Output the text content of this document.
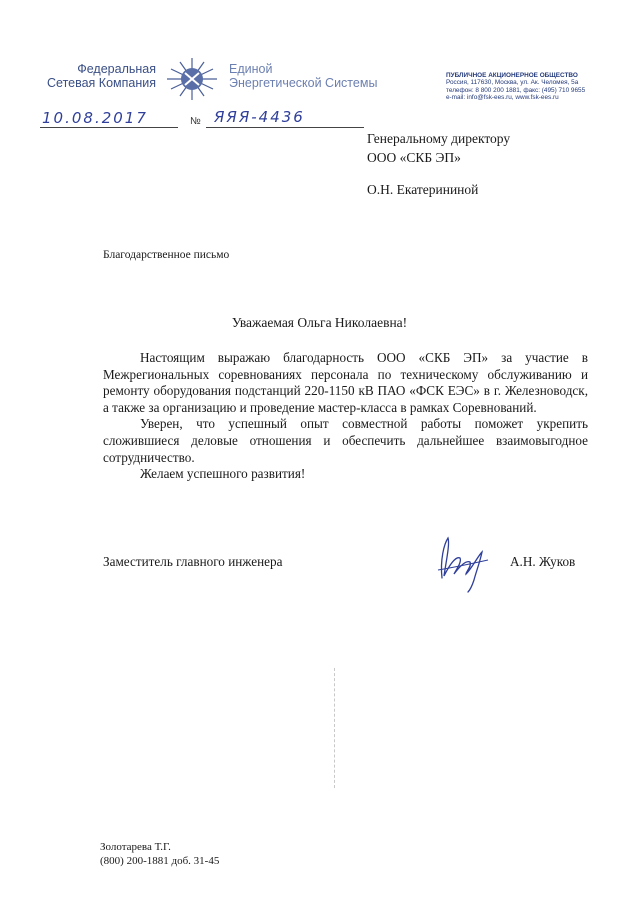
Федеральная
Сетевая Компания
Единой
Энергетической Системы
ПУБЛИЧНОЕ АКЦИОНЕРНОЕ ОБЩЕСТВО
Россия, 117630, Москва, ул. Ак. Челомея, 5а
телефон: 8 800 200 1881, факс: (495) 710 9655
e-mail: info@fsk-ees.ru, www.fsk-ees.ru
10.08.2017	№ ЯЯЯ-4436
Генеральному директору
ООО «СКБ ЭП»
О.Н. Екатерининой
Благодарственное письмо
Уважаемая Ольга Николаевна!

Настоящим выражаю благодарность ООО «СКБ ЭП» за участие в Межрегиональных соревнованиях персонала по техническому обслуживанию и ремонту оборудования подстанций 220-1150 кВ ПАО «ФСК ЕЭС» в г. Железноводск, а также за организацию и проведение мастер-класса в рамках Соревнований.

Уверен, что успешный опыт совместной работы поможет укрепить сложившиеся деловые отношения и обеспечить дальнейшее взаимовыгодное сотрудничество.

Желаем успешного развития!

Заместитель главного инженера	А.Н. Жуков
Золотарева Т.Г.
(800) 200-1881 доб. 31-45
